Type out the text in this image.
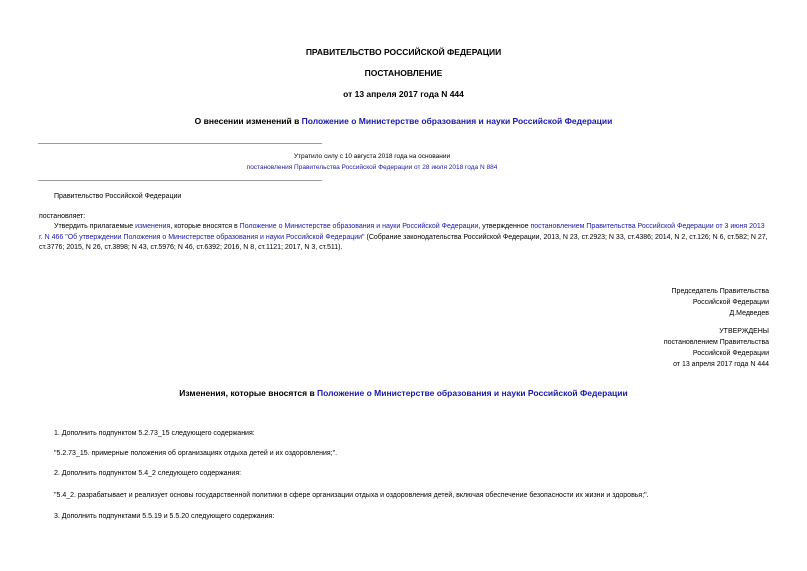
ПРАВИТЕЛЬСТВО РОССИЙСКОЙ ФЕДЕРАЦИИ
ПОСТАНОВЛЕНИЕ
от 13 апреля 2017 года N 444
О внесении изменений в Положение о Министерстве образования и науки Российской Федерации
Утратило силу с 10 августа 2018 года на основании
постановления Правительства Российской Федерации от 28 июля 2018 года N 884
Правительство Российской Федерации
постановляет:
Утвердить прилагаемые изменения, которые вносятся в Положение о Министерстве образования и науки Российской Федерации, утвержденное постановлением Правительства Российской Федерации от 3 июня 2013 г. N 466 "Об утверждении Положения о Министерстве образования и науки Российской Федерации" (Собрание законодательства Российской Федерации, 2013, N 23, ст.2923; N 33, ст.4386; 2014, N 2, ст.126; N 6, ст.582; N 27, ст.3776; 2015, N 26, ст.3898; N 43, ст.5976; N 46, ст.6392; 2016, N 8, ст.1121; 2017, N 3, ст.511).
Председатель Правительства
Российской Федерации
Д.Медведев
УТВЕРЖДЕНЫ
постановлением Правительства
Российской Федерации
от 13 апреля 2017 года N 444
Изменения, которые вносятся в Положение о Министерстве образования и науки Российской Федерации
1. Дополнить подпунктом 5.2.73_15 следующего содержания:
"5.2.73_15. примерные положения об организациях отдыха детей и их оздоровления;".
2. Дополнить подпунктом 5.4_2 следующего содержания:
"5.4_2. разрабатывает и реализует основы государственной политики в сфере организации отдыха и оздоровления детей, включая обеспечение безопасности их жизни и здоровья;".
3. Дополнить подпунктами 5.5.19 и 5.5.20 следующего содержания:
